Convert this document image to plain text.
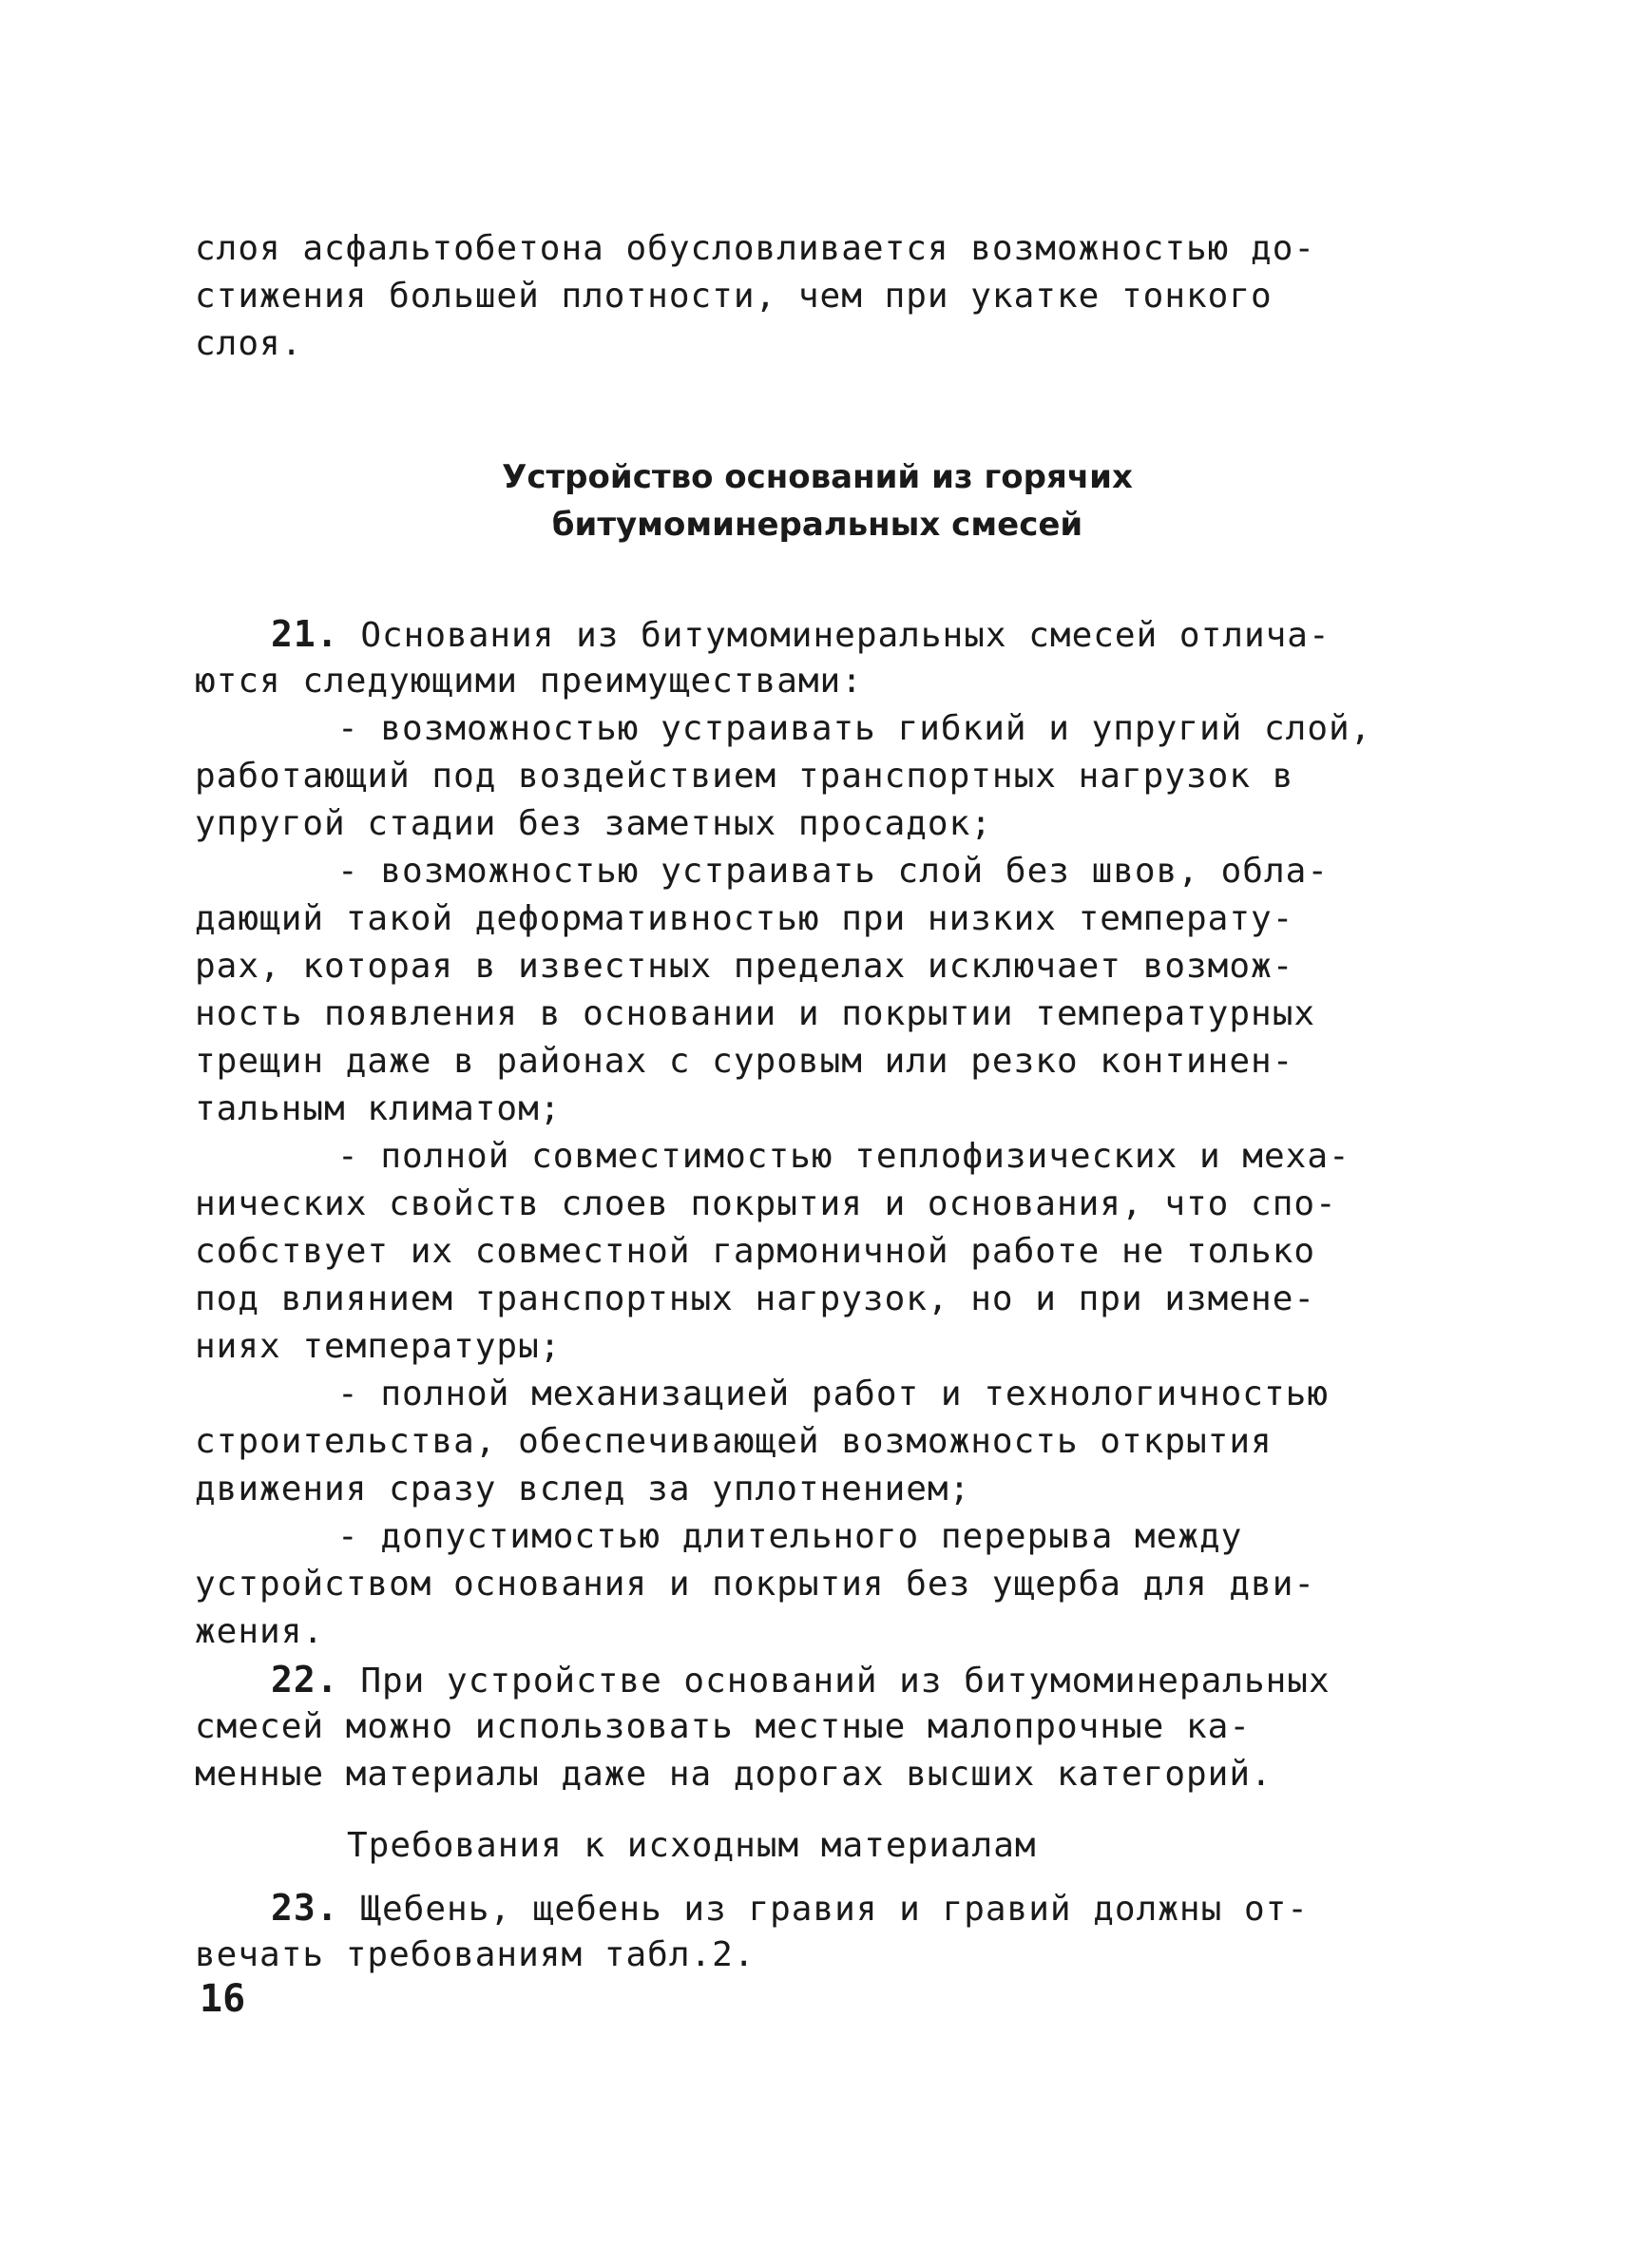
слоя асфальтобетона обусловливается возможностью до-
стижения большей плотности, чем при укатке тонкого
слоя.
Устройство оснований из горячих
битумоминеральных смесей
21. Основания из битумоминеральных смесей отлича-
ются следующими преимуществами:
- возможностью устраивать гибкий и упругий слой,
работающий под воздействием транспортных нагрузок в
упругой стадии без заметных просадок;
- возможностью устраивать слой без швов, обла-
дающий такой деформативностью при низких температу-
рах, которая в известных пределах исключает возмож-
ность появления в основании и покрытии температурных
трещин даже в районах с суровым или резко континен-
тальным климатом;
- полной совместимостью теплофизических и меха-
нических свойств слоев покрытия и основания, что спо-
собствует их совместной гармоничной работе не только
под влиянием транспортных нагрузок, но и при измене-
ниях температуры;
- полной механизацией работ и технологичностью
строительства, обеспечивающей возможность открытия
движения сразу вслед за уплотнением;
- допустимостью длительного перерыва между
устройством основания и покрытия без ущерба для дви-
жения.
22. При устройстве оснований из битумоминеральных
смесей можно использовать местные малопрочные ка-
менные материалы даже на дорогах высших категорий.
Требования к исходным материалам
23. Щебень, щебень из гравия и гравий должны от-
вечать требованиям табл.2.
16
